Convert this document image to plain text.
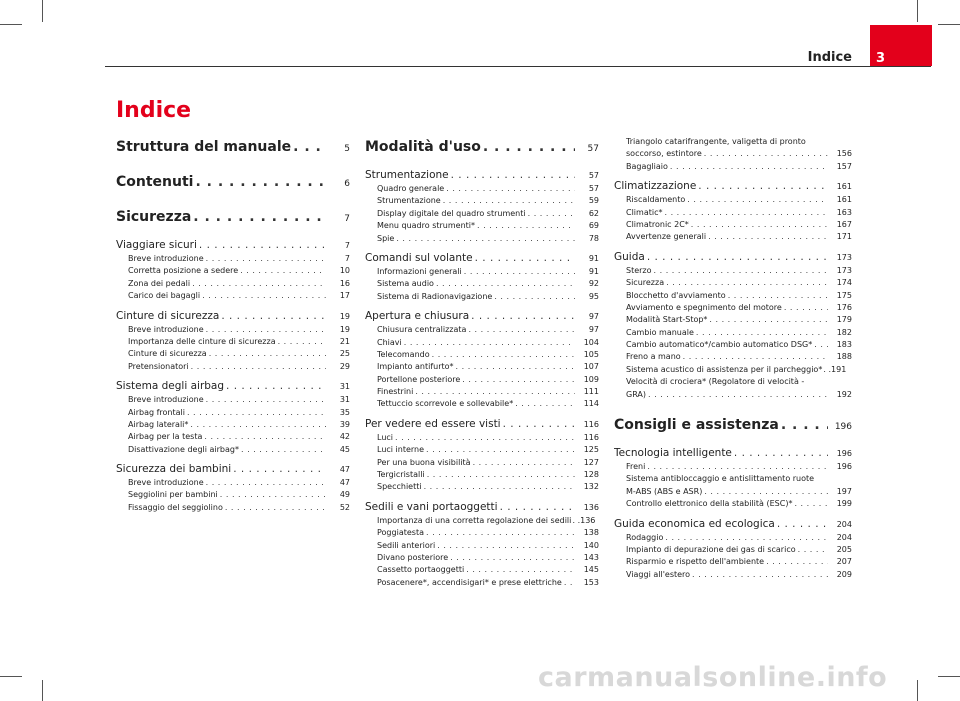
Indice 3
Indice
Struttura del manuale . . .	5
Contenuti . . .	6
Sicurezza . . .	7
Viaggiare sicuri . . .	7
Breve introduzione . . .	7
Corretta posizione a sedere . . .	10
Zona dei pedali . . .	16
Carico dei bagagli . . .	17
Cinture di sicurezza . . .	19
Breve introduzione . . .	19
Importanza delle cinture di sicurezza . . .	21
Cinture di sicurezza . . .	25
Pretensionatori . . .	29
Sistema degli airbag . . .	31
Breve introduzione . . .	31
Airbag frontali . . .	35
Airbag laterali* . . .	39
Airbag per la testa . . .	42
Disattivazione degli airbag* . . .	45
Sicurezza dei bambini . . .	47
Breve introduzione . . .	47
Seggiolini per bambini . . .	49
Fissaggio del seggiolino . . .	52
Modalità d'uso . . .	57
Strumentazione . . .	57
Quadro generale . . .	57
Strumentazione . . .	59
Display digitale del quadro strumenti . . .	62
Menu quadro strumenti* . . .	69
Spie . . .	78
Comandi sul volante . . .	91
Informazioni generali . . .	91
Sistema audio . . .	92
Sistema di Radionavigazione . . .	95
Apertura e chiusura . . .	97
Chiusura centralizzata . . .	97
Chiavi . . .	104
Telecomando . . .	105
Impianto antifurto* . . .	107
Portellone posteriore . . .	109
Finestrini . . .	111
Tettuccio scorrevole e sollevabile* . . .	114
Per vedere ed essere visti . . .	116
Luci . . .	116
Luci interne . . .	125
Per una buona visibilità . . .	127
Tergicristalli . . .	128
Specchietti . . .	132
Sedili e vani portaoggetti . . .	136
Importanza di una corretta regolazione dei sedili . .136
Poggiatesta . . .	138
Sedili anteriori . . .	140
Divano posteriore . . .	143
Cassetto portaoggetti . . .	145
Posacenere*, accendisigari* e prese elettriche . . .	153
Triangolo catarifrangente, valigetta di pronto
soccorso, estintore . . .	156
Bagagliaio . . .	157
Climatizzazione . . .	161
Riscaldamento . . .	161
Climatic* . . .	163
Climatronic 2C* . . .	167
Avvertenze generali . . .	171
Guida . . .	173
Sterzo . . .	173
Sicurezza . . .	174
Blocchetto d'avviamento . . .	175
Avviamento e spegnimento del motore . . .	176
Modalità Start-Stop* . . .	179
Cambio manuale . . .	182
Cambio automatico*/cambio automatico DSG* . . .	183
Freno a mano . . .	188
Sistema acustico di assistenza per il parcheggio* . .191
Velocità di crociera* (Regolatore di velocità -
GRA) . . .	192
Consigli e assistenza . . .	196
Tecnologia intelligente . . .	196
Freni . . .	196
Sistema antibloccaggio e antislittamento ruote
M-ABS (ABS e ASR) . . .	197
Controllo elettronico della stabilità (ESC)* . . .	199
Guida economica ed ecologica . . .	204
Rodaggio . . .	204
Impianto di depurazione dei gas di scarico . . .	205
Risparmio e rispetto dell'ambiente . . .	207
Viaggi all'estero . . .	209
carmanualsonline.info
